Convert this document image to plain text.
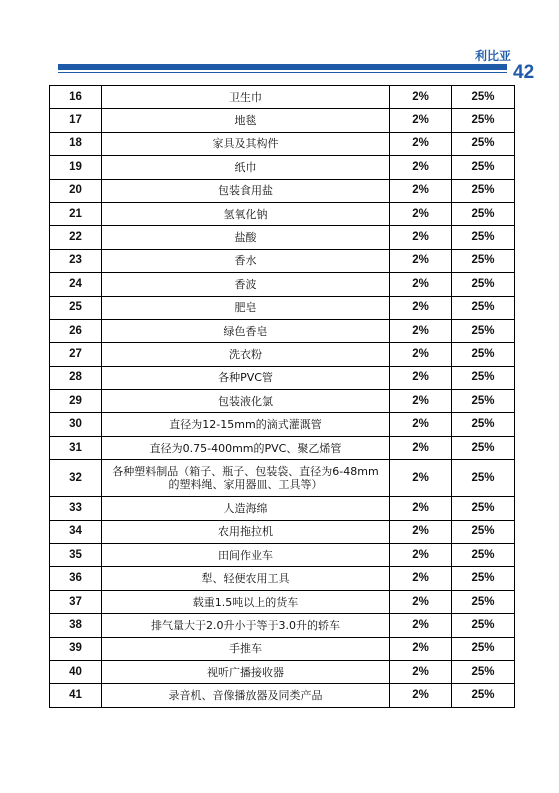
利比亚
42
16	卫生巾	2%	25%
17	地毯	2%	25%
18	家具及其构件	2%	25%
19	纸巾	2%	25%
20	包装食用盐	2%	25%
21	氢氧化钠	2%	25%
22	盐酸	2%	25%
23	香水	2%	25%
24	香波	2%	25%
25	肥皂	2%	25%
26	绿色香皂	2%	25%
27	洗衣粉	2%	25%
28	各种PVC管	2%	25%
29	包装液化氯	2%	25%
30	直径为12-15mm的滴式灌溉管	2%	25%
31	直径为0.75-400mm的PVC、聚乙烯管	2%	25%
32	各种塑料制品（箱子、瓶子、包装袋、直径为6-48mm
的塑料绳、家用器皿、工具等）	2%	25%
33	人造海绵	2%	25%
34	农用拖拉机	2%	25%
35	田间作业车	2%	25%
36	犁、轻便农用工具	2%	25%
37	载重1.5吨以上的货车	2%	25%
38	排气量大于2.0升小于等于3.0升的轿车	2%	25%
39	手推车	2%	25%
40	视听广播接收器	2%	25%
41	录音机、音像播放器及同类产品	2%	25%
